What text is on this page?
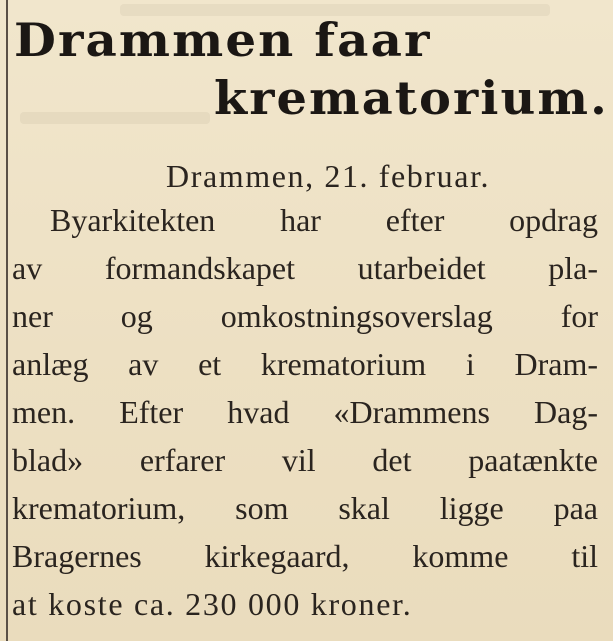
Drammen faar
krematorium.

Drammen, 21. februar.

Byarkitekten har efter opdrag

av formandskapet utarbeidet pla-

ner og omkostningsoverslag for

anlæg av et krematorium i Dram-

men. Efter hvad «Drammens Dag-

blad» erfarer vil det paatænkte

krematorium, som skal ligge paa

Bragernes kirkegaard, komme til

at koste ca. 230 000 kroner.
